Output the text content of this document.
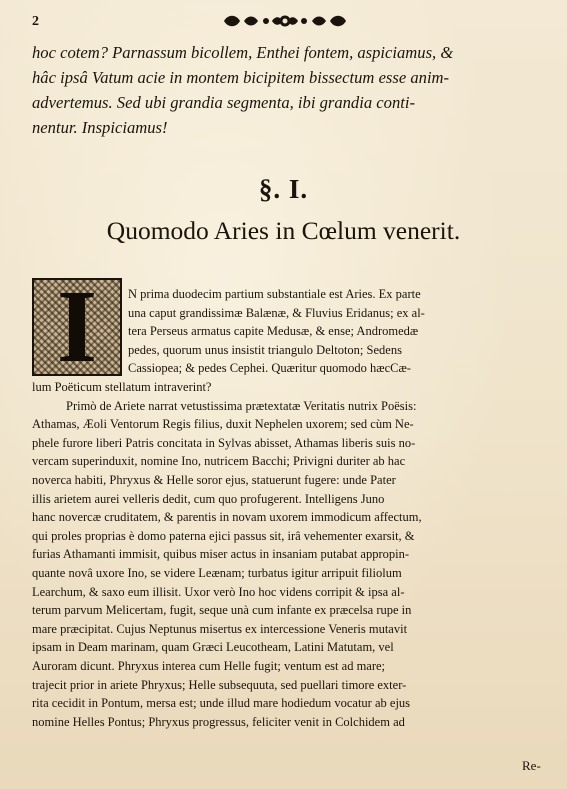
2

hoc cotem? Parnassum bicollem, Enthei fontem, aspiciamus, &

hâc ipsâ Vatum acie in montem bicipitem bissectum esse anim-

advertemus. Sed ubi grandia segmenta, ibi grandia conti-

nentur. Inspiciamus!

§. I.
Quomodo Aries in Cœlum venerit.
I	N prima duodecim partium substantiale est Aries. Ex parte

una caput grandissimæ Balænæ, & Fluvius Eridanus; ex al-

tera Perseus armatus capite Medusæ, & ense; Andromedæ

pedes, quorum unus insistit triangulo Deltoton; Sedens

Cassiopea; & pedes Cephei. Quæritur quomodo hæcCæ-

lum Poëticum stellatum intraverint?

Primò de Ariete narrat vetustissima prætextatæ Veritatis nutrix Poësis:

Athamas, Æoli Ventorum Regis filius, duxit Nephelen uxorem; sed cùm Ne-

phele furore liberi Patris concitata in Sylvas abisset, Athamas liberis suis no-

vercam superinduxit, nomine Ino, nutricem Bacchi; Privigni duriter ab hac

noverca habiti, Phryxus & Helle soror ejus, statuerunt fugere: unde Pater

illis arietem aurei velleris dedit, cum quo profugerent. Intelligens Juno

hanc novercæ cruditatem, & parentis in novam uxorem immodicum affectum,

qui proles proprias è domo paterna ejici passus sit, irâ vehementer exarsit, &

furias Athamanti immisit, quibus miser actus in insaniam putabat appropin-

quante novâ uxore Ino, se videre Leænam; turbatus igitur arripuit filiolum

Learchum, & saxo eum illisit. Uxor verò Ino hoc videns corripit & ipsa al-

terum parvum Melicertam, fugit, seque unà cum infante ex præcelsa rupe in

mare præcipitat. Cujus Neptunus misertus ex intercessione Veneris mutavit

ipsam in Deam marinam, quam Græci Leucotheam, Latini Matutam, vel

Auroram dicunt. Phryxus interea cum Helle fugit; ventum est ad mare;

trajecit prior in ariete Phryxus; Helle subsequuta, sed puellari timore exter-

rita cecidit in Pontum, mersa est; unde illud mare hodiedum vocatur ab ejus

nomine Helles Pontus; Phryxus progressus, feliciter venit in Colchidem ad

Re-
